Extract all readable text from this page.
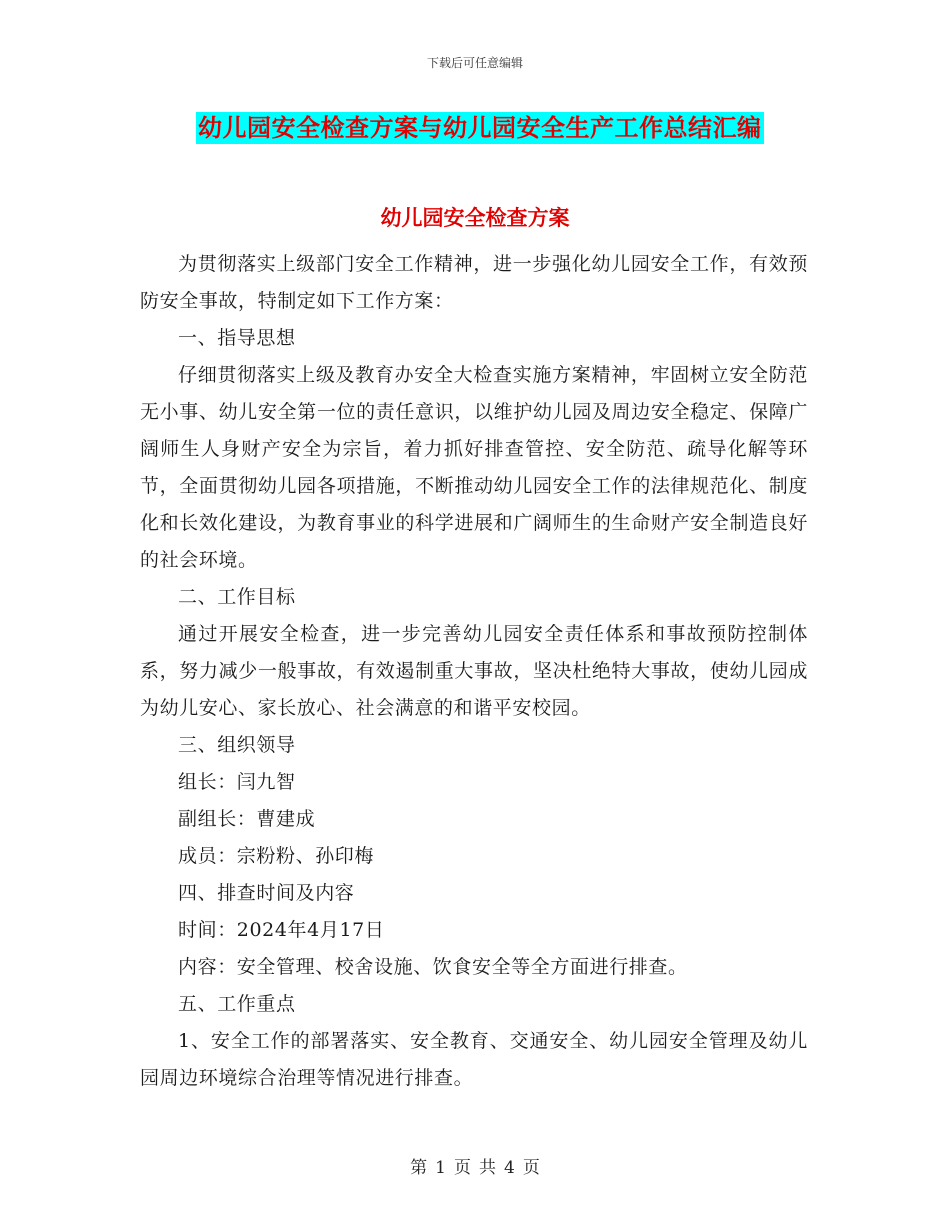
下载后可任意编辑
幼儿园安全检查方案与幼儿园安全生产工作总结汇编
幼儿园安全检查方案

为贯彻落实上级部门安全工作精神，进一步强化幼儿园安全工作，有效预防安全事故，特制定如下工作方案：

一、指导思想

仔细贯彻落实上级及教育办安全大检查实施方案精神，牢固树立安全防范无小事、幼儿安全第一位的责任意识，以维护幼儿园及周边安全稳定、保障广阔师生人身财产安全为宗旨，着力抓好排查管控、安全防范、疏导化解等环节，全面贯彻幼儿园各项措施，不断推动幼儿园安全工作的法律规范化、制度化和长效化建设，为教育事业的科学进展和广阔师生的生命财产安全制造良好的社会环境。

二、工作目标

通过开展安全检查，进一步完善幼儿园安全责任体系和事故预防控制体系，努力减少一般事故，有效遏制重大事故，坚决杜绝特大事故，使幼儿园成为幼儿安心、家长放心、社会满意的和谐平安校园。

三、组织领导

组长：闫九智

副组长：曹建成

成员：宗粉粉、孙印梅

四、排查时间及内容

时间：2024年4月17日

内容：安全管理、校舍设施、饮食安全等全方面进行排查。

五、工作重点

1、安全工作的部署落实、安全教育、交通安全、幼儿园安全管理及幼儿园周边环境综合治理等情况进行排查。

第 1 页 共 4 页
